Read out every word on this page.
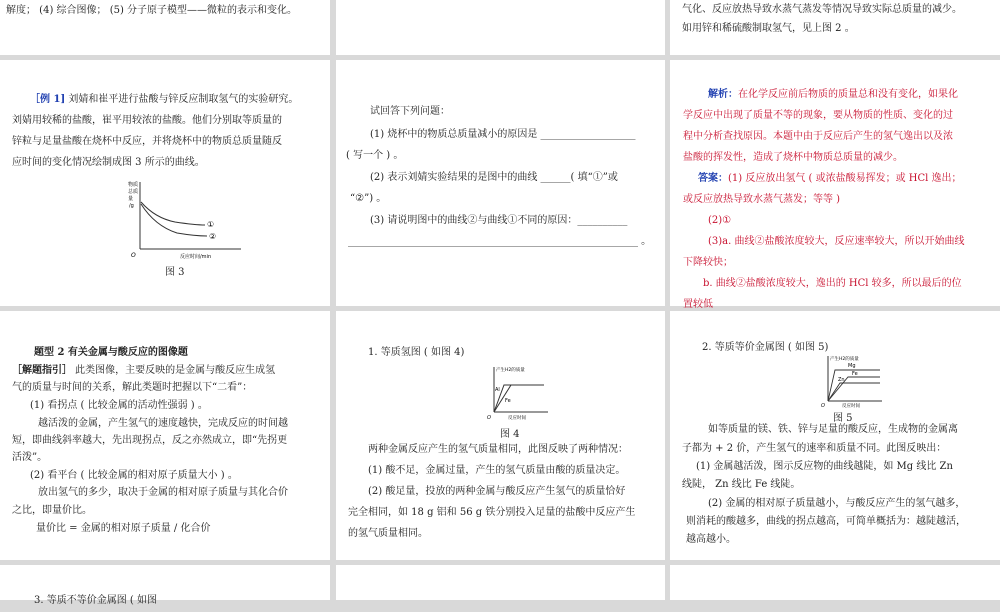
解度； (4) 综合图像； (5) 分子原子模型——微粒的表示和变化。	气化、反应放热导致水蒸气蒸发等情况导致实际总质量的减少。
如用锌和稀硫酸制取氢气，见上图 2 。
［例 1] 刘婧和崔平进行盐酸与锌反应制取氢气的实验研究。
刘婧用较稀的盐酸，崔平用较浓的盐酸。他们分别取等质量的
锌粒与足量盐酸在烧杯中反应，并将烧杯中的物质总质量随反
应时间的变化情况绘制成图 3 所示的曲线。
物质
总质
量
/g
①
②
O	反应时间/min
图 3
试回答下列问题：
(1) 烧杯中的物质总质量减小的原因是 ___________________
( 写一个 ) 。
(2) 表示刘婧实验结果的是图中的曲线 ______( 填“①”或
“②”) 。
(3) 请说明图中的曲线②与曲线①不同的原因：__________
__________________________________________________________ 。
解析：在化学反应前后物质的质量总和没有变化，如果化
学反应中出现了质量不等的现象，要从物质的性质、变化的过
程中分析查找原因。本题中由于反应后产生的氢气逸出以及浓
盐酸的挥发性，造成了烧杯中物质总质量的减少。
答案：(1) 反应放出氢气 ( 或浓盐酸易挥发；或 HCl 逸出；
或反应放热导致水蒸气蒸发；等等 )
(2)①
(3)a. 曲线②盐酸浓度较大，反应速率较大，所以开始曲线
下降较快；
b. 曲线②盐酸浓度较大，逸出的 HCl 较多，所以最后的位
置较低
题型 2 有关金属与酸反应的图像题
［解题指引］ 此类图像，主要反映的是金属与酸反应生成氢
气的质量与时间的关系，解此类题时把握以下“二看”：
(1) 看拐点 ( 比较金属的活动性强弱 ) 。
越活泼的金属，产生氢气的速度越快，完成反应的时间越
短，即曲线斜率越大，先出现拐点，反之亦然成立，即“先拐更
活泼”。
(2) 看平台 ( 比较金属的相对原子质量大小 ) 。
放出氢气的多少，取决于金属的相对原子质量与其化合价
之比，即量价比。
量价比 = 金属的相对原子质量 / 化合价
1. 等质氢图 ( 如图 4)
产生H2的质量
Al
Fe
O	反应时间
图 4
两种金属反应产生的氢气质量相同，此图反映了两种情况：
(1) 酸不足，金属过量，产生的氢气质量由酸的质量决定。
(2) 酸足量，投放的两种金属与酸反应产生氢气的质量恰好
完全相同，如 18 g 铝和 56 g 铁分别投入足量的盐酸中反应产生
的氢气质量相同。
2. 等质等价金属图 ( 如图 5)
产生H2的质量
Mg
Zn
Fe
O	反应时间
图 5
如等质量的镁、铁、锌与足量的酸反应，生成物的金属离
子都为 + 2 价，产生氢气的速率和质量不同。此图反映出：
(1) 金属越活泼，图示反应物的曲线越陡，如 Mg 线比 Zn
线陡， Zn 线比 Fe 线陡。
(2) 金属的相对原子质量越小，与酸反应产生的氢气越多，
则消耗的酸越多，曲线的拐点越高，可简单概括为：越陡越活，
越高越小。
3. 等质不等价金属图 ( 如图
